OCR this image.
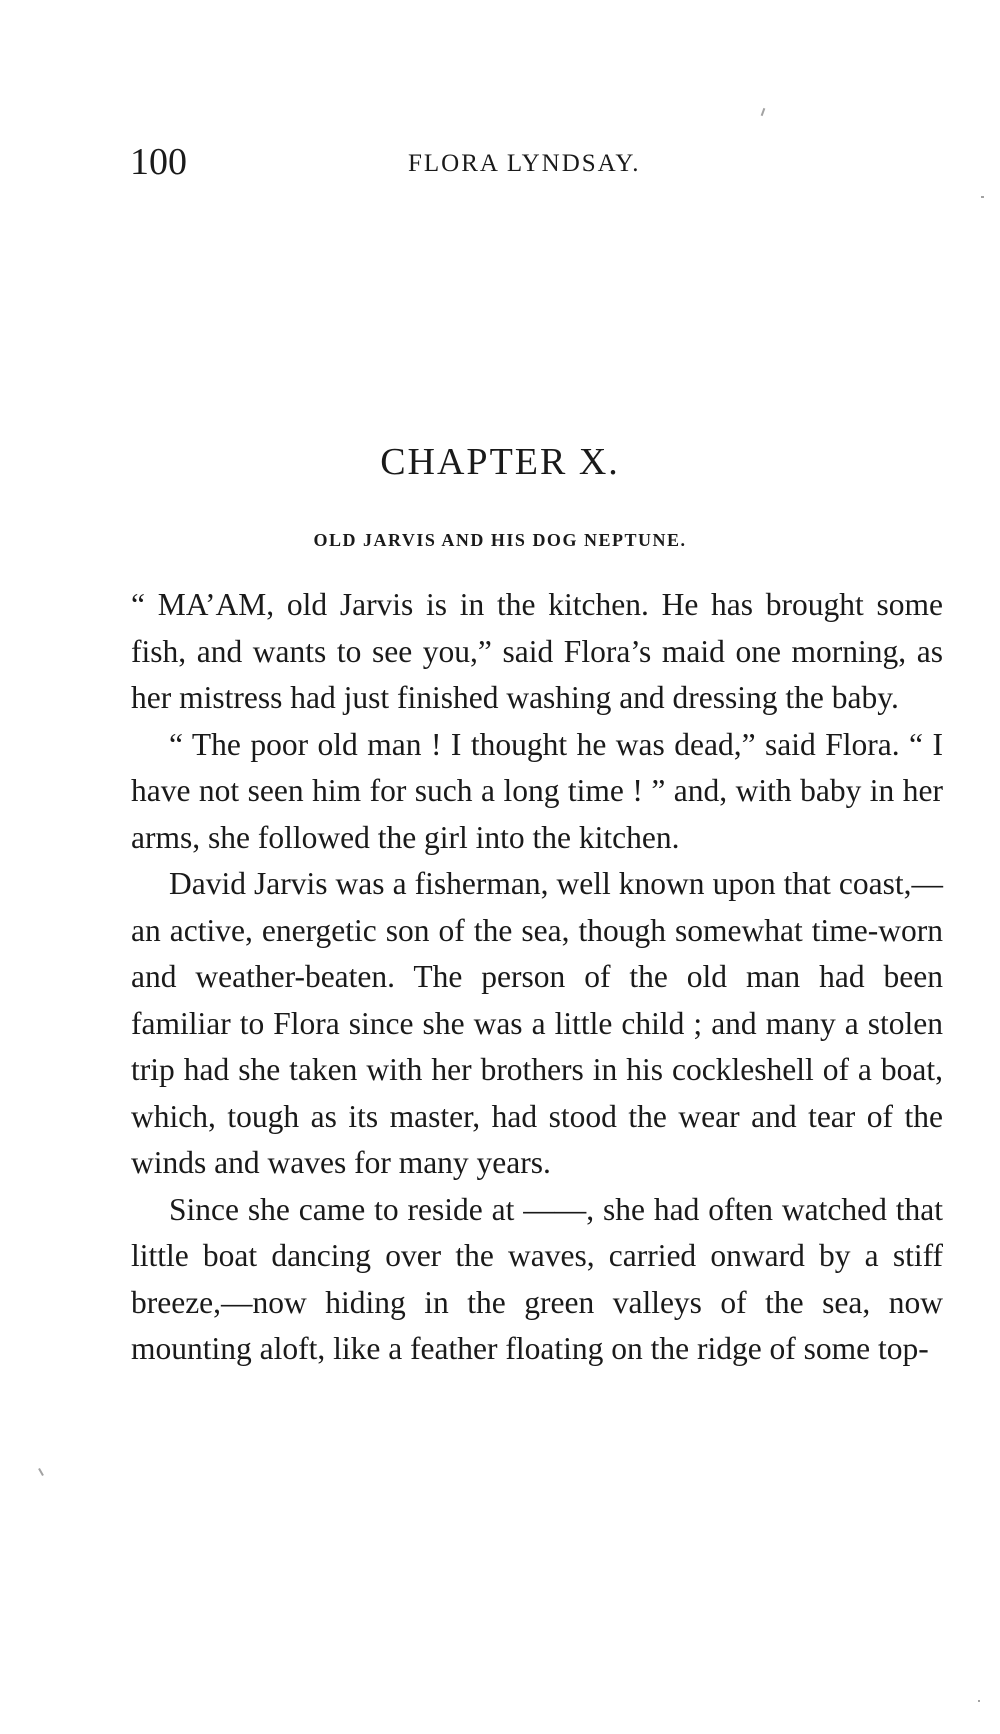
100	FLORA LYNDSAY.
CHAPTER X.
OLD JARVIS AND HIS DOG NEPTUNE.

“ MA’AM, old Jarvis is in the kitchen. He has brought some fish, and wants to see you,” said Flora’s maid one morning, as her mistress had just finished washing and dressing the baby.

“ The poor old man ! I thought he was dead,” said Flora. “ I have not seen him for such a long time ! ” and, with baby in her arms, she followed the girl into the kitchen.

David Jarvis was a fisherman, well known upon that coast,—an active, energetic son of the sea, though somewhat time-worn and weather-beaten. The person of the old man had been familiar to Flora since she was a little child ; and many a stolen trip had she taken with her brothers in his cockleshell of a boat, which, tough as its master, had stood the wear and tear of the winds and waves for many years.

Since she came to reside at ——, she had often watched that little boat dancing over the waves, carried onward by a stiff breeze,—now hiding in the green valleys of the sea, now mounting aloft, like a feather floating on the ridge of some top-
